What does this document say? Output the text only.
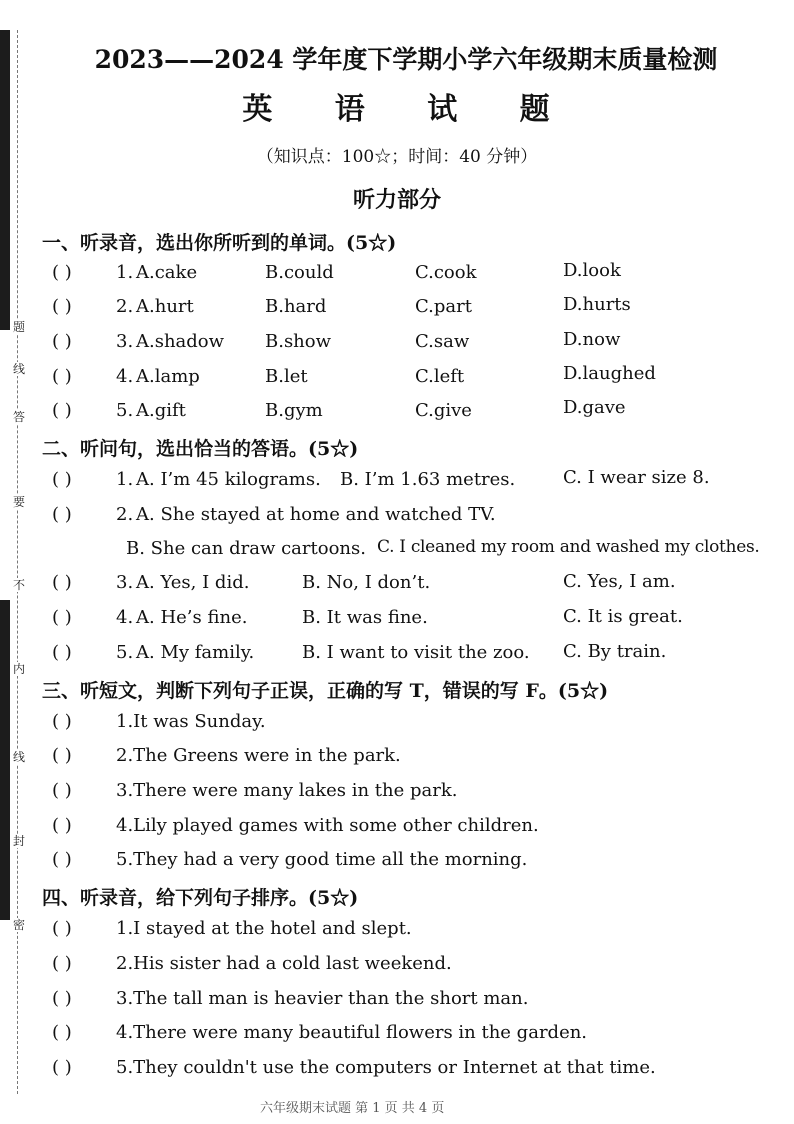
题
线
答
要
不
内
线
封
密
2023——2024 学年度下学期小学六年级期末质量检测
英 语 试 题
（知识点：100☆；时间：40 分钟）
听力部分
一、听录音，选出你所听到的单词。(5☆)
( ) 1. A.cake	B.could	C.cook	D.look
( ) 2. A.hurt	B.hard	C.part	D.hurts
( ) 3. A.shadow B.show	C.saw	D.now
( ) 4. A.lamp	B.let	C.left	D.laughed
( ) 5. A.gift	B.gym	C.give	D.gave
二、听问句，选出恰当的答语。(5☆)
( ) 1. A. I’m 45 kilograms. B. I’m 1.63 metres.	C. I wear size 8.
( ) 2. A. She stayed at home and watched TV.
B. She can draw cartoons. C. I cleaned my room and washed my clothes.
( ) 3. A. Yes, I did.	B. No, I don’t.	C. Yes, I am.
( ) 4. A. He’s fine.	B. It was fine.	C. It is great.
( ) 5. A. My family.	B. I want to visit the zoo. C. By train.
三、听短文，判断下列句子正误，正确的写 T，错误的写 F。(5☆)
( ) 1.It was Sunday.
( ) 2.The Greens were in the park.
( ) 3.There were many lakes in the park.
( ) 4.Lily played games with some other children.
( ) 5.They had a very good time all the morning.
四、听录音，给下列句子排序。(5☆)
( ) 1.I stayed at the hotel and slept.
( ) 2.His sister had a cold last weekend.
( ) 3.The tall man is heavier than the short man.
( ) 4.There were many beautiful flowers in the garden.
( ) 5.They couldn't use the computers or Internet at that time.
六年级期末试题 第 1 页 共 4 页
